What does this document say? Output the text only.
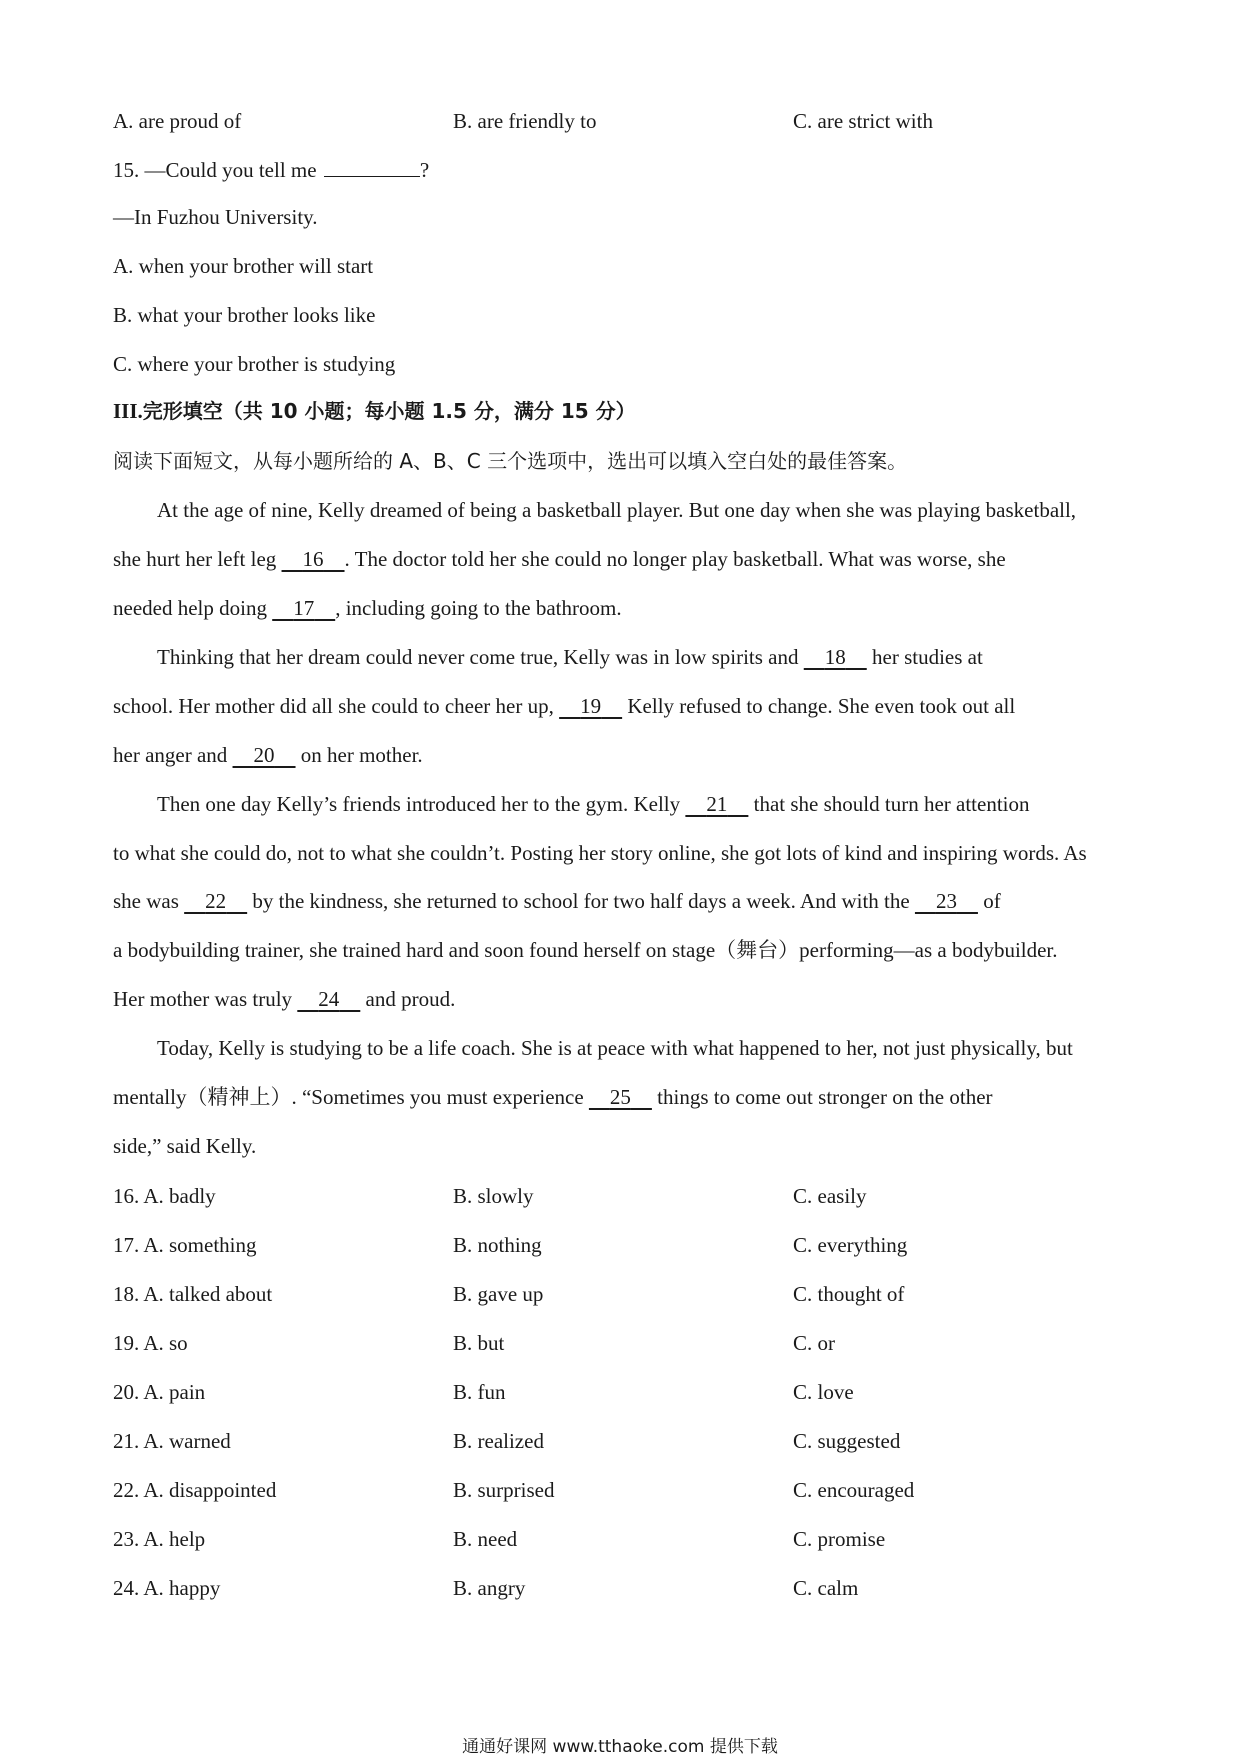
A. are proud of	B. are friendly to	C. are strict with
15. —Could you tell me	?
—In Fuzhou University.
A. when your brother will start
B. what your brother looks like
C. where your brother is studying
III.完形填空（共 10 小题；每小题 1.5 分，满分 15 分）
阅读下面短文，从每小题所给的 A、B、C 三个选项中，选出可以填入空白处的最佳答案。
At the age of nine, Kelly dreamed of being a basketball player. But one day when she was playing basketball,
she hurt her left leg 16 . The doctor told her she could no longer play basketball. What was worse, she
needed help doing 17 , including going to the bathroom.
Thinking that her dream could never come true, Kelly was in low spirits and 18 her studies at
school. Her mother did all she could to cheer her up, 19 Kelly refused to change. She even took out all
her anger and 20 on her mother.
Then one day Kelly’s friends introduced her to the gym. Kelly 21 that she should turn her attention
to what she could do, not to what she couldn’t. Posting her story online, she got lots of kind and inspiring words. As
she was 22 by the kindness, she returned to school for two half days a week. And with the 23 of
a bodybuilding trainer, she trained hard and soon found herself on stage（舞台）performing—as a bodybuilder.
Her mother was truly 24 and proud.
Today, Kelly is studying to be a life coach. She is at peace with what happened to her, not just physically, but
mentally（精神上）. “Sometimes you must experience 25 things to come out stronger on the other
side,” said Kelly.
16. A. badly	B. slowly	C. easily
17. A. something	B. nothing	C. everything
18. A. talked about	B. gave up	C. thought of
19. A. so	B. but	C. or
20. A. pain	B. fun	C. love
21. A. warned	B. realized	C. suggested
22. A. disappointed	B. surprised	C. encouraged
23. A. help	B. need	C. promise
24. A. happy	B. angry	C. calm
通通好课网 www.tthaoke.com 提供下载
